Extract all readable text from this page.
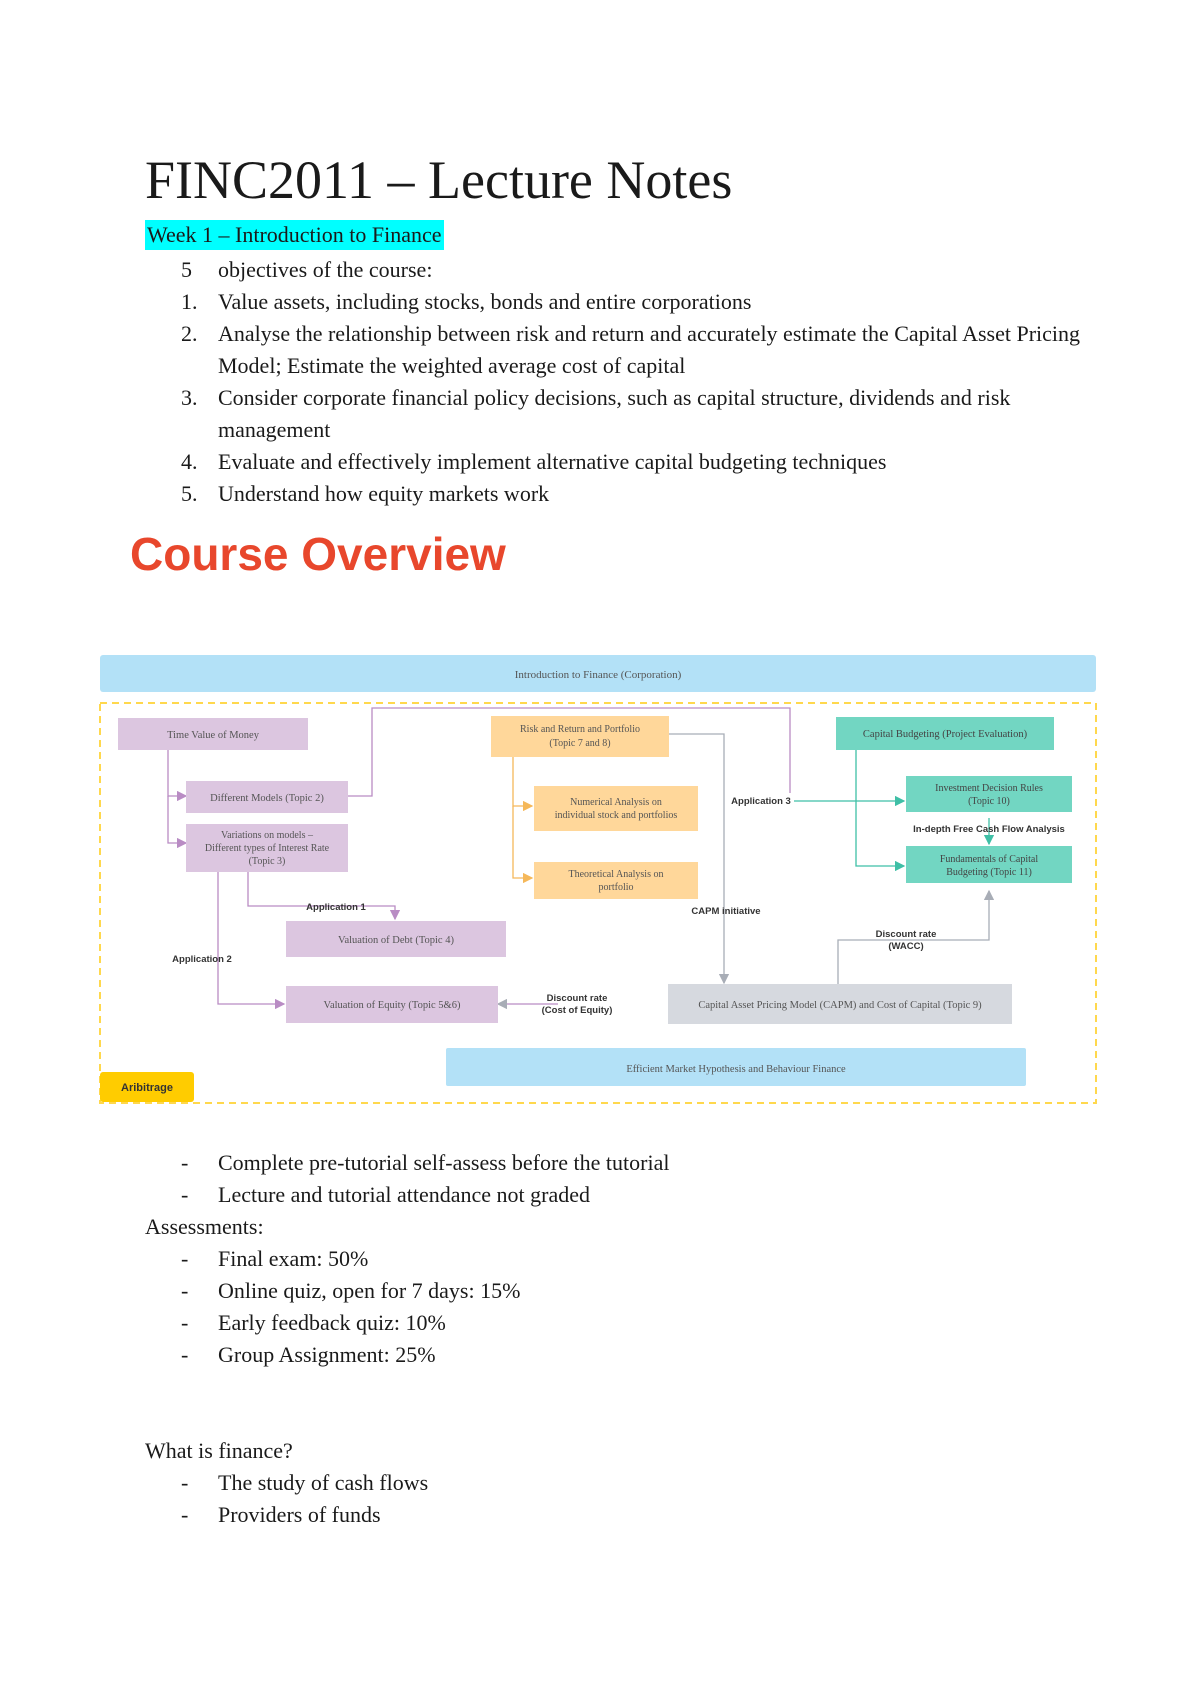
FINC2011 – Lecture Notes
Week 1 – Introduction to Finance
5	objectives of the course:
1. Value assets, including stocks, bonds and entire corporations
2. Analyse the relationship between risk and return and accurately estimate the Capital Asset Pricing Model; Estimate the weighted average cost of capital
3. Consider corporate financial policy decisions, such as capital structure, dividends and risk management
4. Evaluate and effectively implement alternative capital budgeting techniques
5. Understand how equity markets work
Course Overview
Introduction to Finance (Corporation)
Time Value of Money
Different Models (Topic 2)
Variations on models –
Different types of Interest Rate
(Topic 3)
Valuation of Debt (Topic 4)
Valuation of Equity (Topic 5&6)
Risk and Return and Portfolio
(Topic 7 and 8)
Numerical Analysis on
individual stock and portfolios
Theoretical Analysis on
portfolio
Capital Budgeting (Project Evaluation)
Investment Decision Rules
(Topic 10)
Fundamentals of Capital
Budgeting (Topic 11)
Capital Asset Pricing Model (CAPM) and Cost of Capital (Topic 9)
Efficient Market Hypothesis and Behaviour Finance
Aribitrage
Application 1
Application 2
Application 3
In-depth Free Cash Flow Analysis
CAPM initiative
Discount rate
(WACC)
Discount rate
(Cost of Equity)
-	Complete pre-tutorial self-assess before the tutorial
-	Lecture and tutorial attendance not graded
Assessments:
-	Final exam: 50%
-	Online quiz, open for 7 days: 15%
-	Early feedback quiz: 10%
-	Group Assignment: 25%
What is finance?
-	The study of cash flows
-	Providers of funds
